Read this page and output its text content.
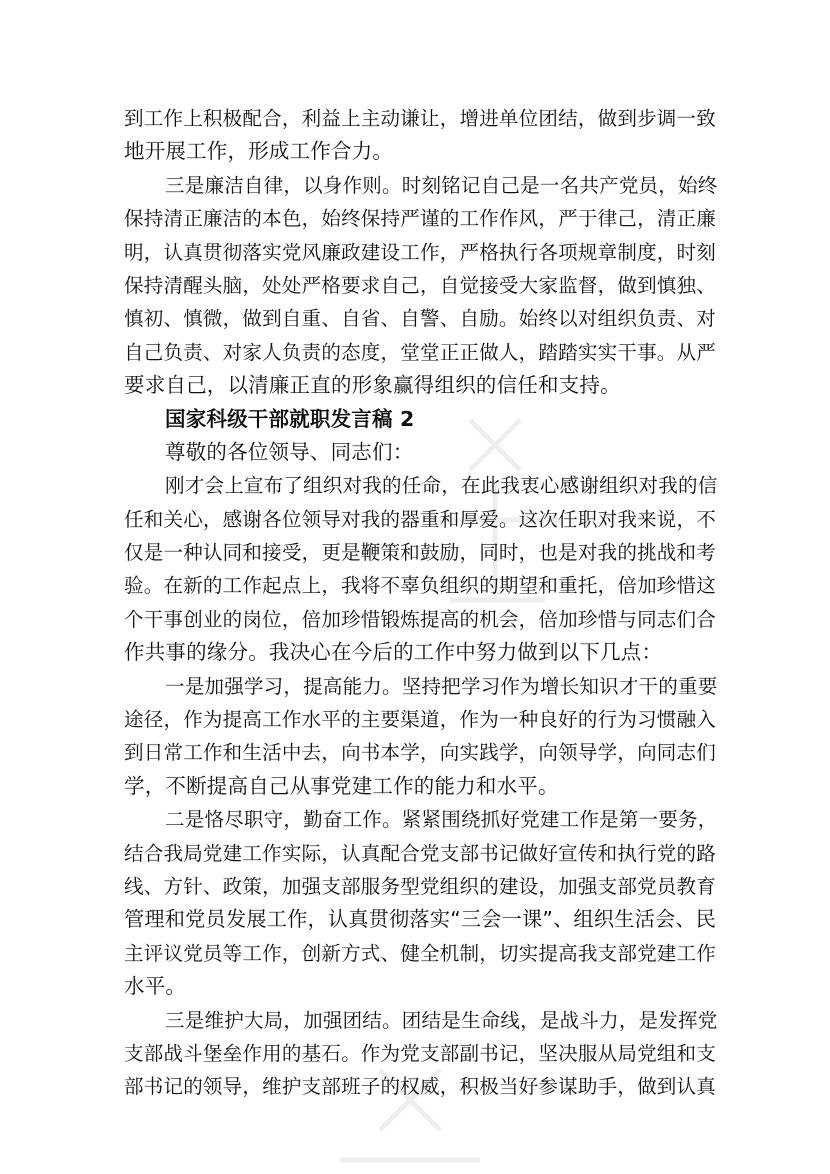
到工作上积极配合，利益上主动谦让，增进单位团结，做到步调一致
地开展工作，形成工作合力。
三是廉洁自律，以身作则。时刻铭记自己是一名共产党员，始终
保持清正廉洁的本色，始终保持严谨的工作作风，严于律己，清正廉
明，认真贯彻落实党风廉政建设工作，严格执行各项规章制度，时刻
保持清醒头脑，处处严格要求自己，自觉接受大家监督，做到慎独、
慎初、慎微，做到自重、自省、自警、自励。始终以对组织负责、对
自己负责、对家人负责的态度，堂堂正正做人，踏踏实实干事。从严
要求自己，以清廉正直的形象赢得组织的信任和支持。
国家科级干部就职发言稿 2
尊敬的各位领导、同志们：
刚才会上宣布了组织对我的任命，在此我衷心感谢组织对我的信
任和关心，感谢各位领导对我的器重和厚爱。这次任职对我来说，不
仅是一种认同和接受，更是鞭策和鼓励，同时，也是对我的挑战和考
验。在新的工作起点上，我将不辜负组织的期望和重托，倍加珍惜这
个干事创业的岗位，倍加珍惜锻炼提高的机会，倍加珍惜与同志们合
作共事的缘分。我决心在今后的工作中努力做到以下几点：
一是加强学习，提高能力。坚持把学习作为增长知识才干的重要
途径，作为提高工作水平的主要渠道，作为一种良好的行为习惯融入
到日常工作和生活中去，向书本学，向实践学，向领导学，向同志们
学，不断提高自己从事党建工作的能力和水平。
二是恪尽职守，勤奋工作。紧紧围绕抓好党建工作是第一要务，
结合我局党建工作实际，认真配合党支部书记做好宣传和执行党的路
线、方针、政策，加强支部服务型党组织的建设，加强支部党员教育
管理和党员发展工作，认真贯彻落实“三会一课”、组织生活会、民
主评议党员等工作，创新方式、健全机制，切实提高我支部党建工作
水平。
三是维护大局，加强团结。团结是生命线，是战斗力，是发挥党
支部战斗堡垒作用的基石。作为党支部副书记，坚决服从局党组和支
部书记的领导，维护支部班子的权威，积极当好参谋助手，做到认真
